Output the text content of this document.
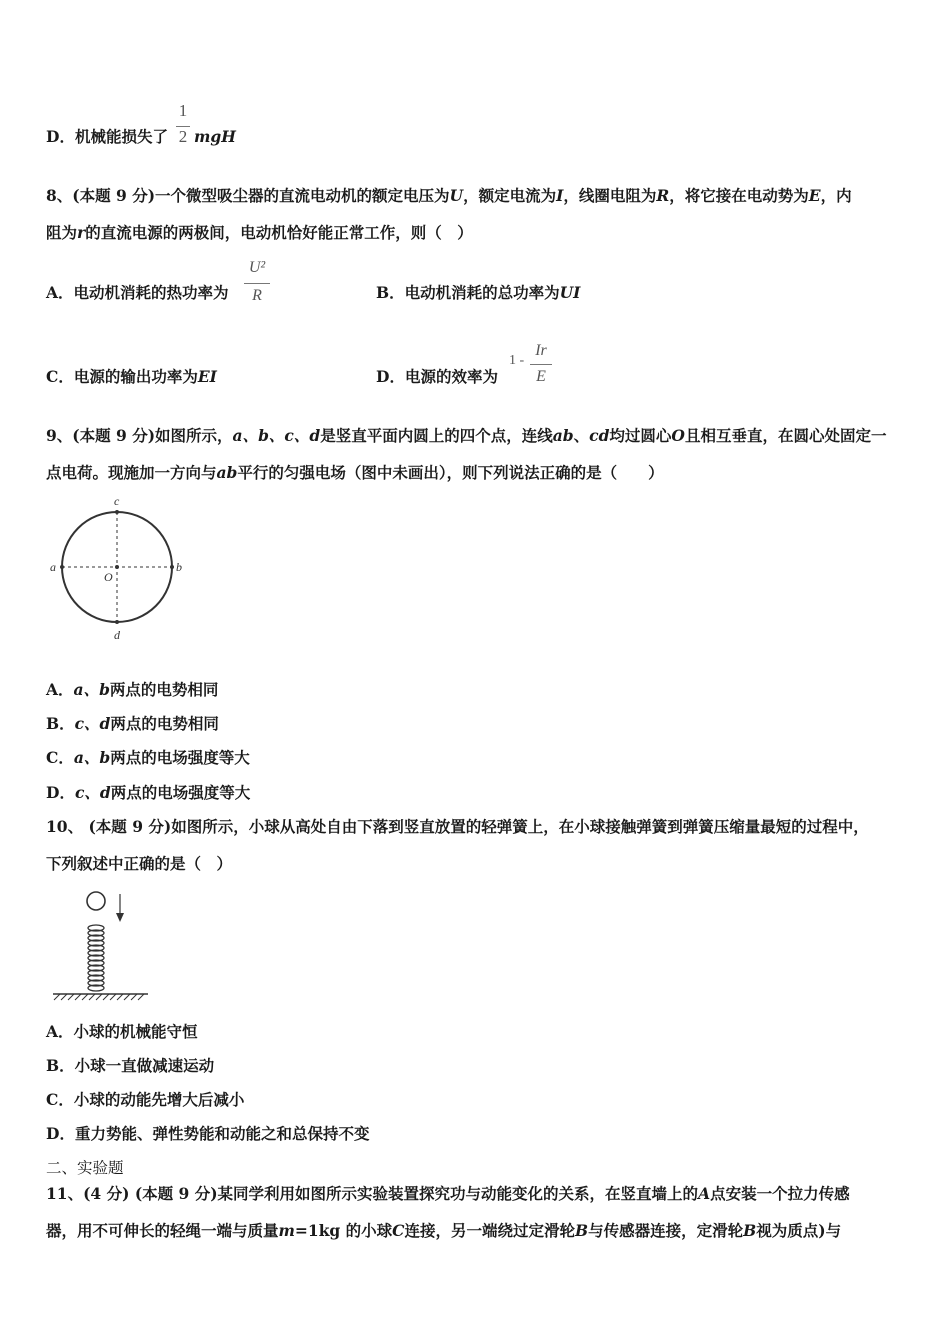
D．机械能损失了
1
2 mgH
8、(本题 9 分)一个微型吸尘器的直流电动机的额定电压为U，额定电流为I，线圈电阻为R，将它接在电动势为E，内
阻为r的直流电源的两极间，电动机恰好能正常工作，则（　）
A．电动机消耗的热功率为
U²
R	B．电动机消耗的总功率为UI
C．电源的输出功率为EI	D．电源的效率为
1 -
Ir
E
9、(本题 9 分)如图所示，a、b、c、d是竖直平面内圆上的四个点，连线ab、cd均过圆心O且相互垂直，在圆心处固定一
点电荷。现施加一方向与ab平行的匀强电场（图中未画出），则下列说法正确的是（　　）
a	b
c
d
O
A．a、b两点的电势相同
B．c、d两点的电势相同
C．a、b两点的电场强度等大
D．c、d两点的电场强度等大
10、 (本题 9 分)如图所示，小球从高处自由下落到竖直放置的轻弹簧上，在小球接触弹簧到弹簧压缩量最短的过程中，
下列叙述中正确的是（　）
A．小球的机械能守恒
B．小球一直做减速运动
C．小球的动能先增大后减小
D．重力势能、弹性势能和动能之和总保持不变
二、实验题
11、(4 分) (本题 9 分)某同学利用如图所示实验装置探究功与动能变化的关系，在竖直墙上的A点安装一个拉力传感
器，用不可伸长的轻绳一端与质量m=1kg 的小球C连接，另一端绕过定滑轮B与传感器连接，定滑轮B视为质点)与
